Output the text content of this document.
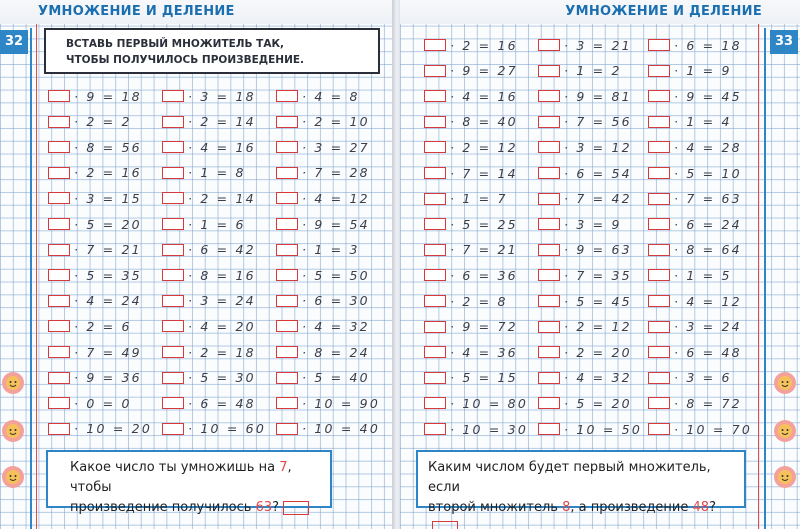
УМНОЖЕНИЕ И ДЕЛЕНИЕ
32	ВСТАВЬ ПЕРВЫЙ МНОЖИТЕЛЬ ТАК,
ЧТОБЫ ПОЛУЧИЛОСЬ ПРОИЗВЕДЕНИЕ.
· 9 = 18
· 2 = 2
· 8 = 56
· 2 = 16
· 3 = 15
· 5 = 20
· 7 = 21
· 5 = 35
· 4 = 24
· 2 = 6
· 7 = 49
· 9 = 36
· 0 = 0
· 10 = 20
· 3 = 18
· 2 = 14
· 4 = 16
· 1 = 8
· 2 = 14
· 1 = 6
· 6 = 42
· 8 = 16
· 3 = 24
· 4 = 20
· 2 = 18
· 5 = 30
· 6 = 48
· 10 = 60
· 4 = 8
· 2 = 10
· 3 = 27
· 7 = 28
· 4 = 12
· 9 = 54
· 1 = 3
· 5 = 50
· 6 = 30
· 4 = 32
· 8 = 24
· 5 = 40
· 10 = 90
· 10 = 40
Какое число ты умножишь на 7, чтобы
произведение получилось 63?
УМНОЖЕНИЕ И ДЕЛЕНИЕ
33
· 2 = 16
· 9 = 27
· 4 = 16
· 8 = 40
· 2 = 12
· 7 = 14
· 1 = 7
· 5 = 25
· 7 = 21
· 6 = 36
· 2 = 8
· 9 = 72
· 4 = 36
· 5 = 15
· 10 = 80
· 10 = 30
· 3 = 21
· 1 = 2
· 9 = 81
· 7 = 56
· 3 = 12
· 6 = 54
· 7 = 42
· 3 = 9
· 9 = 63
· 7 = 35
· 5 = 45
· 2 = 12
· 2 = 20
· 4 = 32
· 5 = 20
· 10 = 50
· 6 = 18
· 1 = 9
· 9 = 45
· 1 = 4
· 4 = 28
· 5 = 10
· 7 = 63
· 6 = 24
· 8 = 64
· 1 = 5
· 4 = 12
· 3 = 24
· 6 = 48
· 3 = 6
· 8 = 72
· 10 = 70
Каким числом будет первый множитель, если
второй множитель 8, а произведение 48?
